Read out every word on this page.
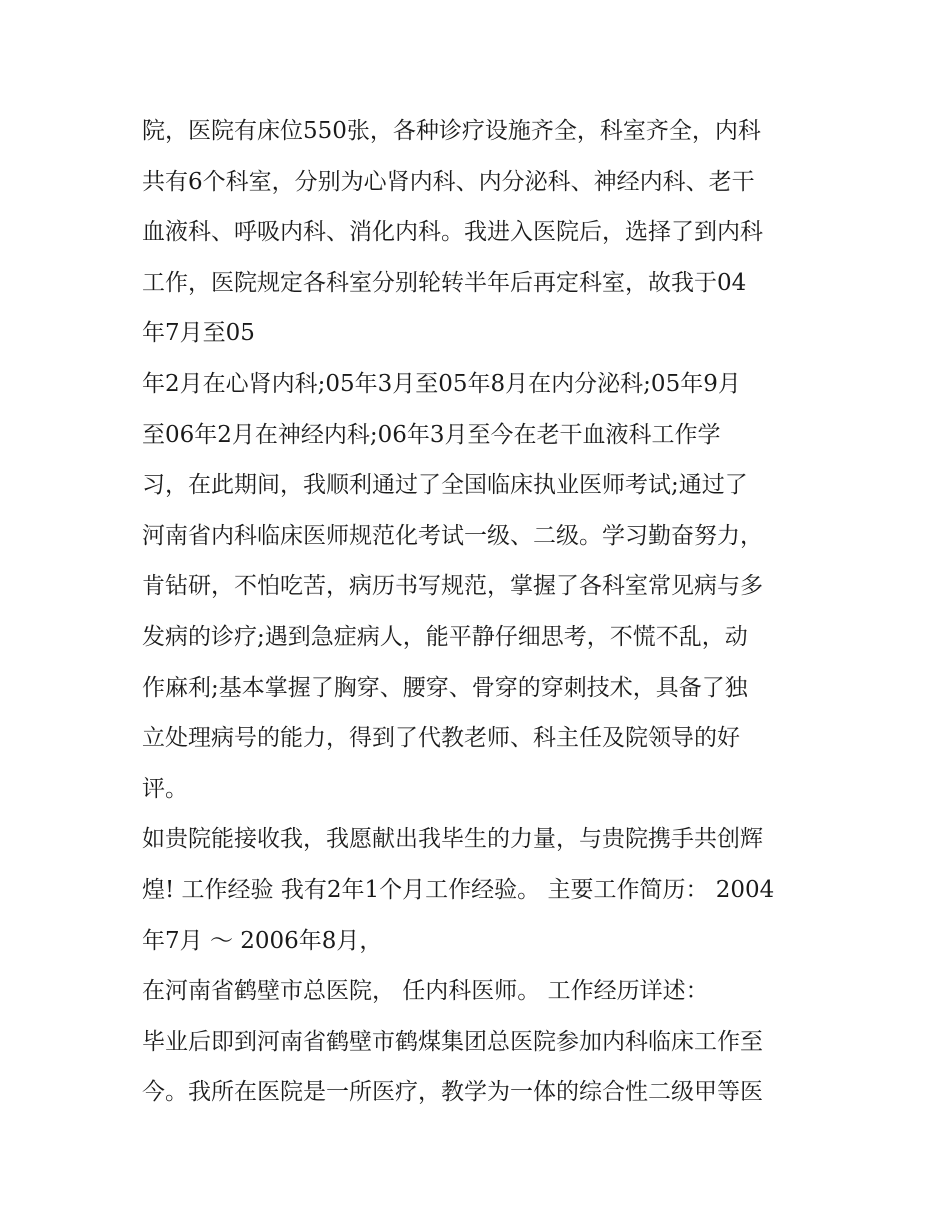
院，医院有床位550张，各种诊疗设施齐全，科室齐全，内科
共有6个科室，分别为心肾内科、内分泌科、神经内科、老干
血液科、呼吸内科、消化内科。我进入医院后，选择了到内科
工作，医院规定各科室分别轮转半年后再定科室，故我于04
年7月至05
年2月在心肾内科;05年3月至05年8月在内分泌科;05年9月
至06年2月在神经内科;06年3月至今在老干血液科工作学
习，在此期间，我顺利通过了全国临床执业医师考试;通过了
河南省内科临床医师规范化考试一级、二级。学习勤奋努力，
肯钻研，不怕吃苦，病历书写规范，掌握了各科室常见病与多
发病的诊疗;遇到急症病人，能平静仔细思考，不慌不乱，动
作麻利;基本掌握了胸穿、腰穿、骨穿的穿刺技术，具备了独
立处理病号的能力，得到了代教老师、科主任及院领导的好
评。
如贵院能接收我，我愿献出我毕生的力量，与贵院携手共创辉
煌! 工作经验 我有2年1个月工作经验。 主要工作简历： 2004
年7月 ～ 2006年8月，
在河南省鹤壁市总医院， 任内科医师。 工作经历详述：
毕业后即到河南省鹤壁市鹤煤集团总医院参加内科临床工作至
今。我所在医院是一所医疗，教学为一体的综合性二级甲等医
